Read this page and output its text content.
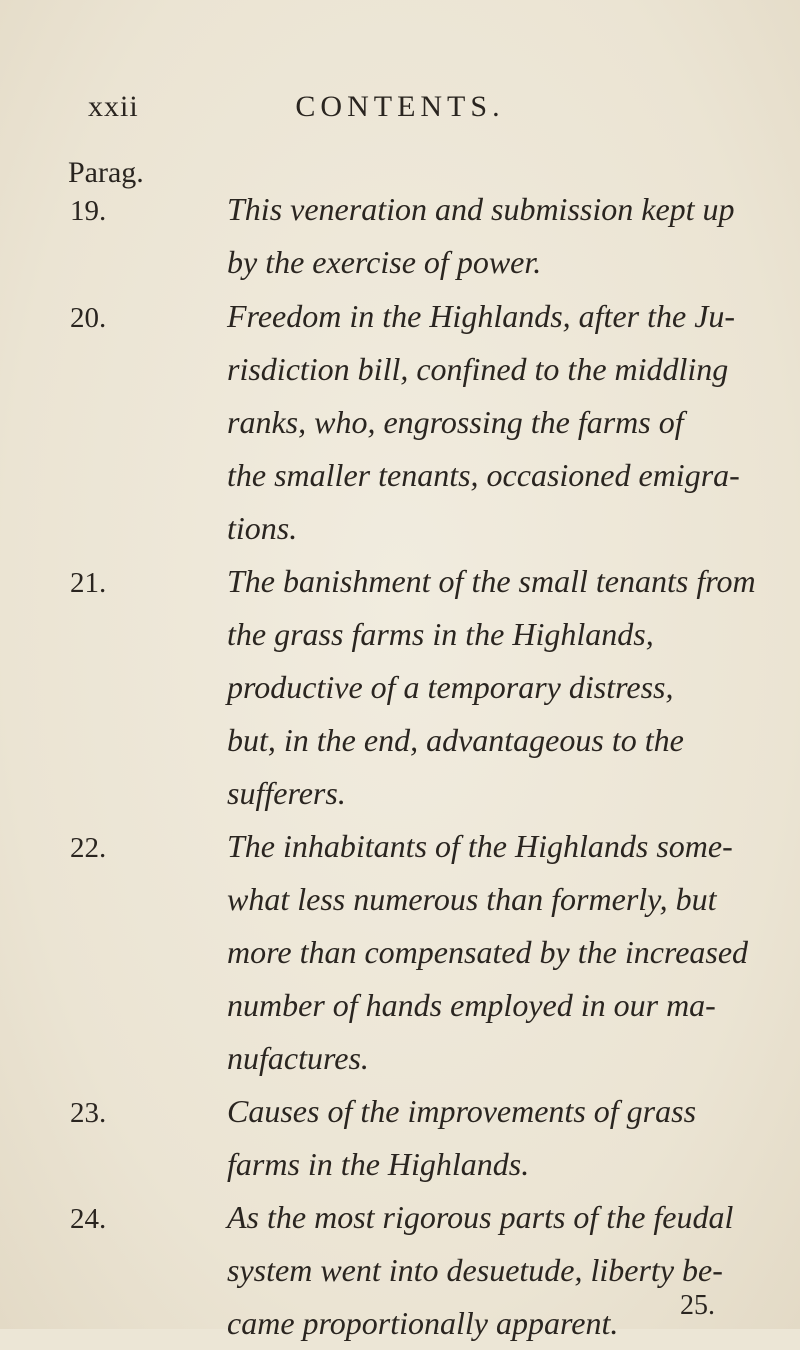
xxii	CONTENTS.
Parag.
19.	This veneration and submission kept up
by the exercise of power.
20.	Freedom in the Highlands, after the Ju-
risdiction bill, confined to the middling
ranks, who, engrossing the farms of
the smaller tenants, occasioned emigra-
tions.
21.	The banishment of the small tenants from
the grass farms in the Highlands,
productive of a temporary distress,
but, in the end, advantageous to the
sufferers.
22.	The inhabitants of the Highlands some-
what less numerous than formerly, but
more than compensated by the increased
number of hands employed in our ma-
nufactures.
23.	Causes of the improvements of grass
farms in the Highlands.
24.	As the most rigorous parts of the feudal
system went into desuetude, liberty be-
came proportionally apparent.	25.
